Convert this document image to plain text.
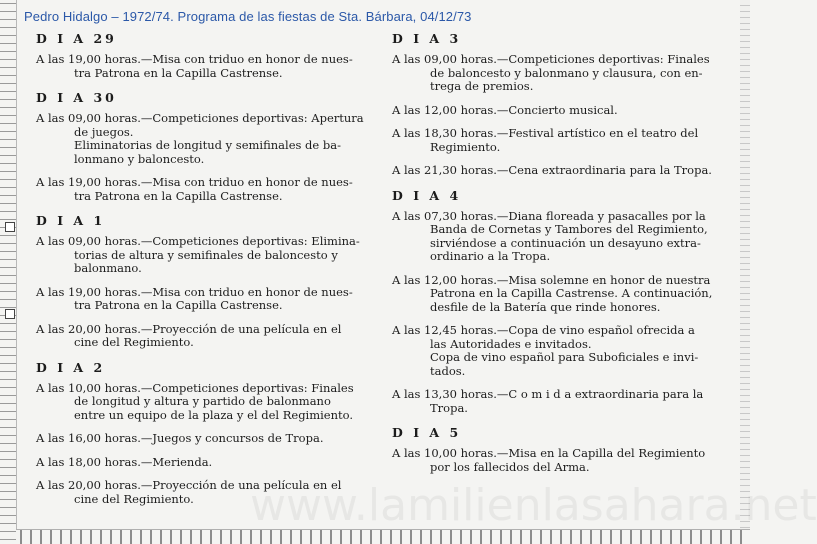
www.lamilienlasahara.net
Pedro Hidalgo – 1972/74. Programa de las fiestas de Sta. Bárbara, 04/12/73
D I A 29
A las 19,00 horas.—Misa con triduo en honor de nues-
tra Patrona en la Capilla Castrense.
D I A 30
A las 09,00 horas.—Competiciones deportivas: Apertura
de juegos.
Eliminatorias de longitud y semifinales de ba-
lonmano y baloncesto.
A las 19,00 horas.—Misa con triduo en honor de nues-
tra Patrona en la Capilla Castrense.
D I A 1
A las 09,00 horas.—Competiciones deportivas: Elimina-
torias de altura y semifinales de baloncesto y
balonmano.
A las 19,00 horas.—Misa con triduo en honor de nues-
tra Patrona en la Capilla Castrense.
A las 20,00 horas.—Proyección de una película en el
cine del Regimiento.
D I A 2
A las 10,00 horas.—Competiciones deportivas: Finales
de longitud y altura y partido de balonmano
entre un equipo de la plaza y el del Regimiento.
A las 16,00 horas.—Juegos y concursos de Tropa.
A las 18,00 horas.—Merienda.
A las 20,00 horas.—Proyección de una película en el
cine del Regimiento.
D I A 3
A las 09,00 horas.—Competiciones deportivas: Finales
de baloncesto y balonmano y clausura, con en-
trega de premios.
A las 12,00 horas.—Concierto musical.
A las 18,30 horas.—Festival artístico en el teatro del
Regimiento.
A las 21,30 horas.—Cena extraordinaria para la Tropa.
D I A 4
A las 07,30 horas.—Diana floreada y pasacalles por la
Banda de Cornetas y Tambores del Regimiento,
sirviéndose a continuación un desayuno extra-
ordinario a la Tropa.
A las 12,00 horas.—Misa solemne en honor de nuestra
Patrona en la Capilla Castrense. A continuación,
desfile de la Batería que rinde honores.
A las 12,45 horas.—Copa de vino español ofrecida a
las Autoridades e invitados.
Copa de vino español para Suboficiales e invi-
tados.
A las 13,30 horas.—C o m i d a extraordinaria para la
Tropa.
D I A 5
A las 10,00 horas.—Misa en la Capilla del Regimiento
por los fallecidos del Arma.
